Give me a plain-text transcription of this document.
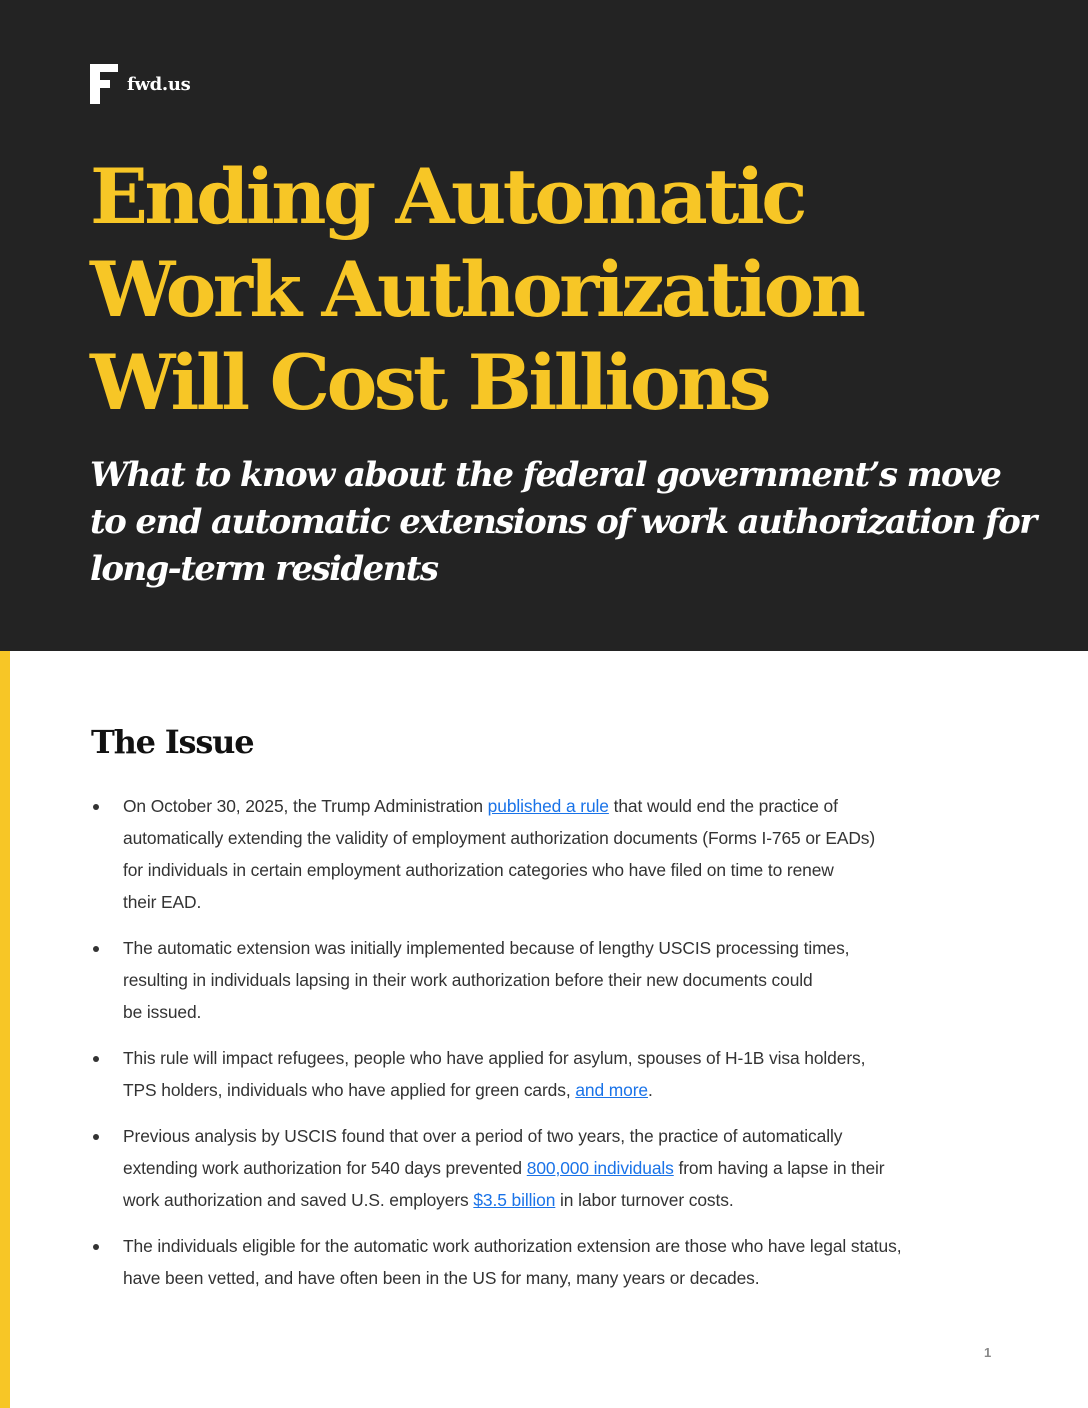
fwd.us
Ending Automatic
Work Authorization
Will Cost Billions

What to know about the federal government’s move
to end automatic extensions of work authorization for
long-term residents

The Issue
On October 30, 2025, the Trump Administration published a rule that would end the practice of
automatically extending the validity of employment authorization documents (Forms I-765 or EADs)
for individuals in certain employment authorization categories who have filed on time to renew
their EAD.
The automatic extension was initially implemented because of lengthy USCIS processing times,
resulting in individuals lapsing in their work authorization before their new documents could
be issued.
This rule will impact refugees, people who have applied for asylum, spouses of H-1B visa holders,
TPS holders, individuals who have applied for green cards, and more.
Previous analysis by USCIS found that over a period of two years, the practice of automatically
extending work authorization for 540 days prevented 800,000 individuals from having a lapse in their
work authorization and saved U.S. employers $3.5 billion in labor turnover costs.
The individuals eligible for the automatic work authorization extension are those who have legal status,
have been vetted, and have often been in the US for many, many years or decades.
1
